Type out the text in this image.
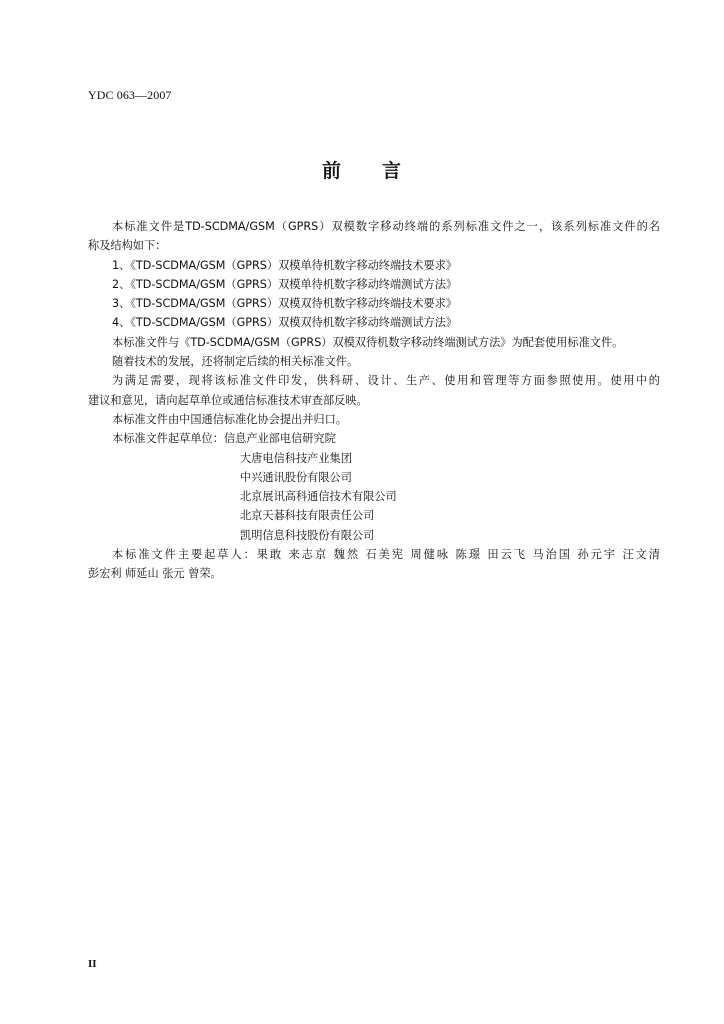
YDC 063—2007
前 言
本标准文件是TD-SCDMA/GSM（GPRS）双模数字移动终端的系列标准文件之一，该系列标准文件的名
称及结构如下：
1、《TD-SCDMA/GSM（GPRS）双模单待机数字移动终端技术要求》
2、《TD-SCDMA/GSM（GPRS）双模单待机数字移动终端测试方法》
3、《TD-SCDMA/GSM（GPRS）双模双待机数字移动终端技术要求》
4、《TD-SCDMA/GSM（GPRS）双模双待机数字移动终端测试方法》
本标准文件与《TD-SCDMA/GSM（GPRS）双模双待机数字移动终端测试方法》为配套使用标准文件。
随着技术的发展，还将制定后续的相关标准文件。
为满足需要，现将该标准文件印发，供科研、设计、生产、使用和管理等方面参照使用。使用中的
建议和意见，请向起草单位或通信标准技术审查部反映。
本标准文件由中国通信标准化协会提出并归口。
本标准文件起草单位：信息产业部电信研究院
大唐电信科技产业集团
中兴通讯股份有限公司
北京展讯高科通信技术有限公司
北京天碁科技有限责任公司
凯明信息科技股份有限公司
本标准文件主要起草人：果敢 来志京 魏然 石美宪 周健咏 陈璟 田云飞 马治国 孙元宇 汪文清
彭宏利 师延山 张元 曾荣。
II
